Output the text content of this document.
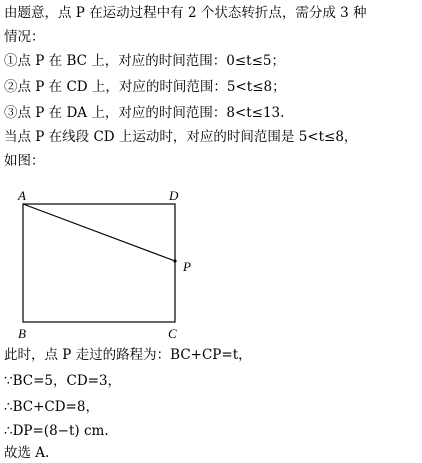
由题意，点 P 在运动过程中有 2 个状态转折点，需分成 3 种
情况：
①点 P 在 BC 上，对应的时间范围：0≤t≤5；
②点 P 在 CD 上，对应的时间范围：5<t≤8；
③点 P 在 DA 上，对应的时间范围：8<t≤13.
当点 P 在线段 CD 上运动时，对应的时间范围是 5<t≤8，
如图：
A	D
P
B	C
此时，点 P 走过的路程为：BC+CP=t，
∵BC=5，CD=3，
∴BC+CD=8，
∴DP=(8−t) cm.
故选 A.
